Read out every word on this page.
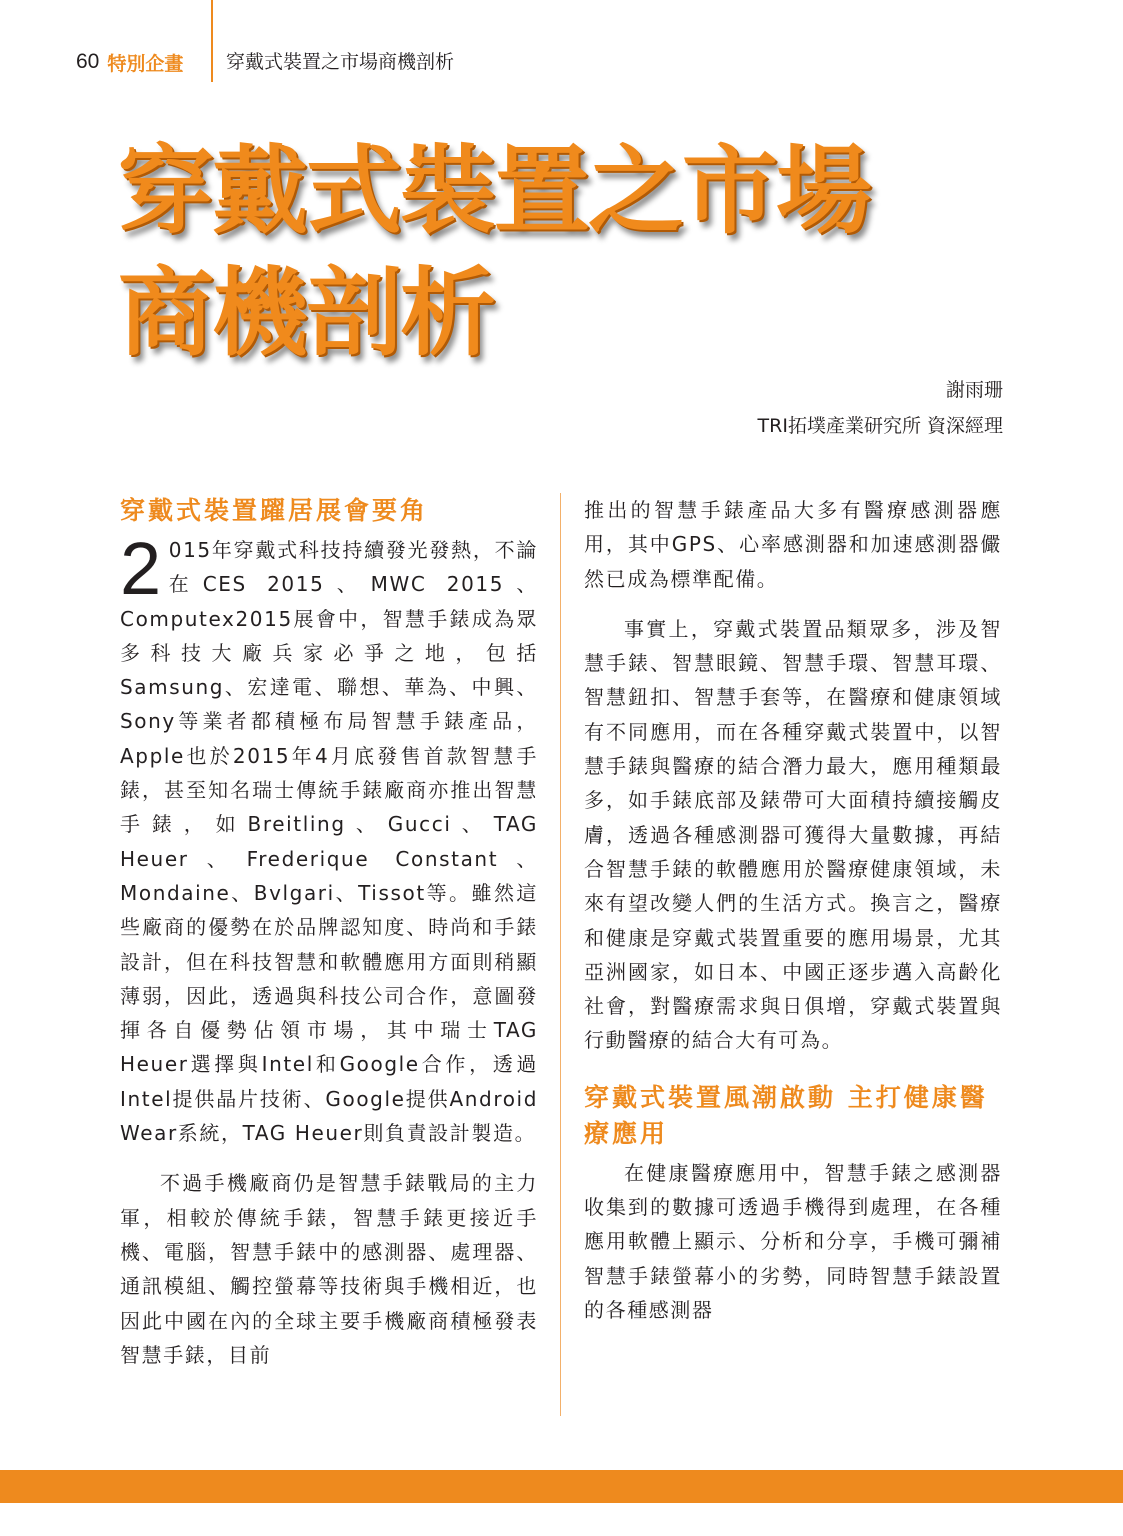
60 特別企畫 穿戴式裝置之市場商機剖析
穿戴式裝置之市場
商機剖析
謝雨珊
TRI拓墣產業研究所 資深經理
穿戴式裝置躍居展會要角

2 015年穿戴式科技持續發光發熱，不論在CES 2015、MWC 2015、Computex2015展會中，智慧手錶成為眾多科技大廠兵家必爭之地，包括Samsung、宏達電、聯想、華為、中興、Sony等業者都積極布局智慧手錶產品，Apple也於2015年4月底發售首款智慧手錶，甚至知名瑞士傳統手錶廠商亦推出智慧手錶，如Breitling、Gucci、TAG Heuer、Frederique Constant、Mondaine、Bvlgari、Tissot等。雖然這些廠商的優勢在於品牌認知度、時尚和手錶設計，但在科技智慧和軟體應用方面則稍顯薄弱，因此，透過與科技公司合作，意圖發揮各自優勢佔領市場，其中瑞士TAG Heuer選擇與Intel和Google合作，透過Intel提供晶片技術、Google提供Android Wear系統，TAG Heuer則負責設計製造。

不過手機廠商仍是智慧手錶戰局的主力軍，相較於傳統手錶，智慧手錶更接近手機、電腦，智慧手錶中的感測器、處理器、通訊模組、觸控螢幕等技術與手機相近，也因此中國在內的全球主要手機廠商積極發表智慧手錶，目前

推出的智慧手錶產品大多有醫療感測器應用，其中GPS、心率感測器和加速感測器儼然已成為標準配備。

事實上，穿戴式裝置品類眾多，涉及智慧手錶、智慧眼鏡、智慧手環、智慧耳環、智慧鈕扣、智慧手套等，在醫療和健康領域有不同應用，而在各種穿戴式裝置中，以智慧手錶與醫療的結合潛力最大，應用種類最多，如手錶底部及錶帶可大面積持續接觸皮膚，透過各種感測器可獲得大量數據，再結合智慧手錶的軟體應用於醫療健康領域，未來有望改變人們的生活方式。換言之，醫療和健康是穿戴式裝置重要的應用場景，尤其亞洲國家，如日本、中國正逐步邁入高齡化社會，對醫療需求與日俱增，穿戴式裝置與行動醫療的結合大有可為。

穿戴式裝置風潮啟動 主打健康醫療應用

在健康醫療應用中，智慧手錶之感測器收集到的數據可透過手機得到處理，在各種應用軟體上顯示、分析和分享，手機可彌補智慧手錶螢幕小的劣勢，同時智慧手錶設置的各種感測器
